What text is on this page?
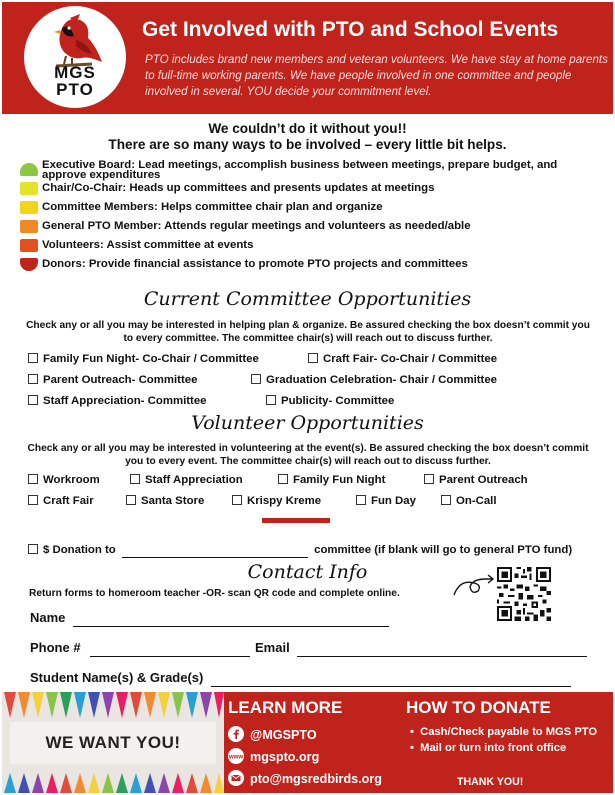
MGS
PTO
Get Involved with PTO and School Events
PTO includes brand new members and veteran volunteers. We have stay at home parents to full-time working parents. We have people involved in one committee and people involved in several. YOU decide your commitment level.
We couldn’t do it without you!!
There are so many ways to be involved – every little bit helps.
Executive Board: Lead meetings, accomplish business between meetings, prepare budget, and approve expenditures
Chair/Co-Chair: Heads up committees and presents updates at meetings
Committee Members: Helps committee chair plan and organize
General PTO Member: Attends regular meetings and volunteers as needed/able
Volunteers: Assist committee at events
Donors: Provide financial assistance to promote PTO projects and committees
Current Committee Opportunities
Check any or all you may be interested in helping plan & organize. Be assured checking the box doesn’t commit you to every committee. The committee chair(s) will reach out to discuss further.
Family Fun Night- Co-Chair / Committee	Craft Fair- Co-Chair / Committee
Parent Outreach- Committee	Graduation Celebration- Chair / Committee
Staff Appreciation- Committee	Publicity- Committee
Volunteer Opportunities
Check any or all you may be interested in volunteering at the event(s). Be assured checking the box doesn’t commit you to every event. The committee chair(s) will reach out to discuss further.
Workroom	Staff Appreciation	Family Fun Night	Parent Outreach
Craft Fair	Santa Store	Krispy Kreme	Fun Day	On-Call
$ Donation to	committee (if blank will go to general PTO fund)
Contact Info
Return forms to homeroom teacher -OR- scan QR code and complete online.
Name
Phone #	Email
Student Name(s) & Grade(s)
WE WANT YOU!
LEARN MORE
@MGSPTO
www mgspto.org
pto@mgsredbirds.org
HOW TO DONATE
•  Cash/Check payable to MGS PTO
•  Mail or turn into front office
THANK YOU!
